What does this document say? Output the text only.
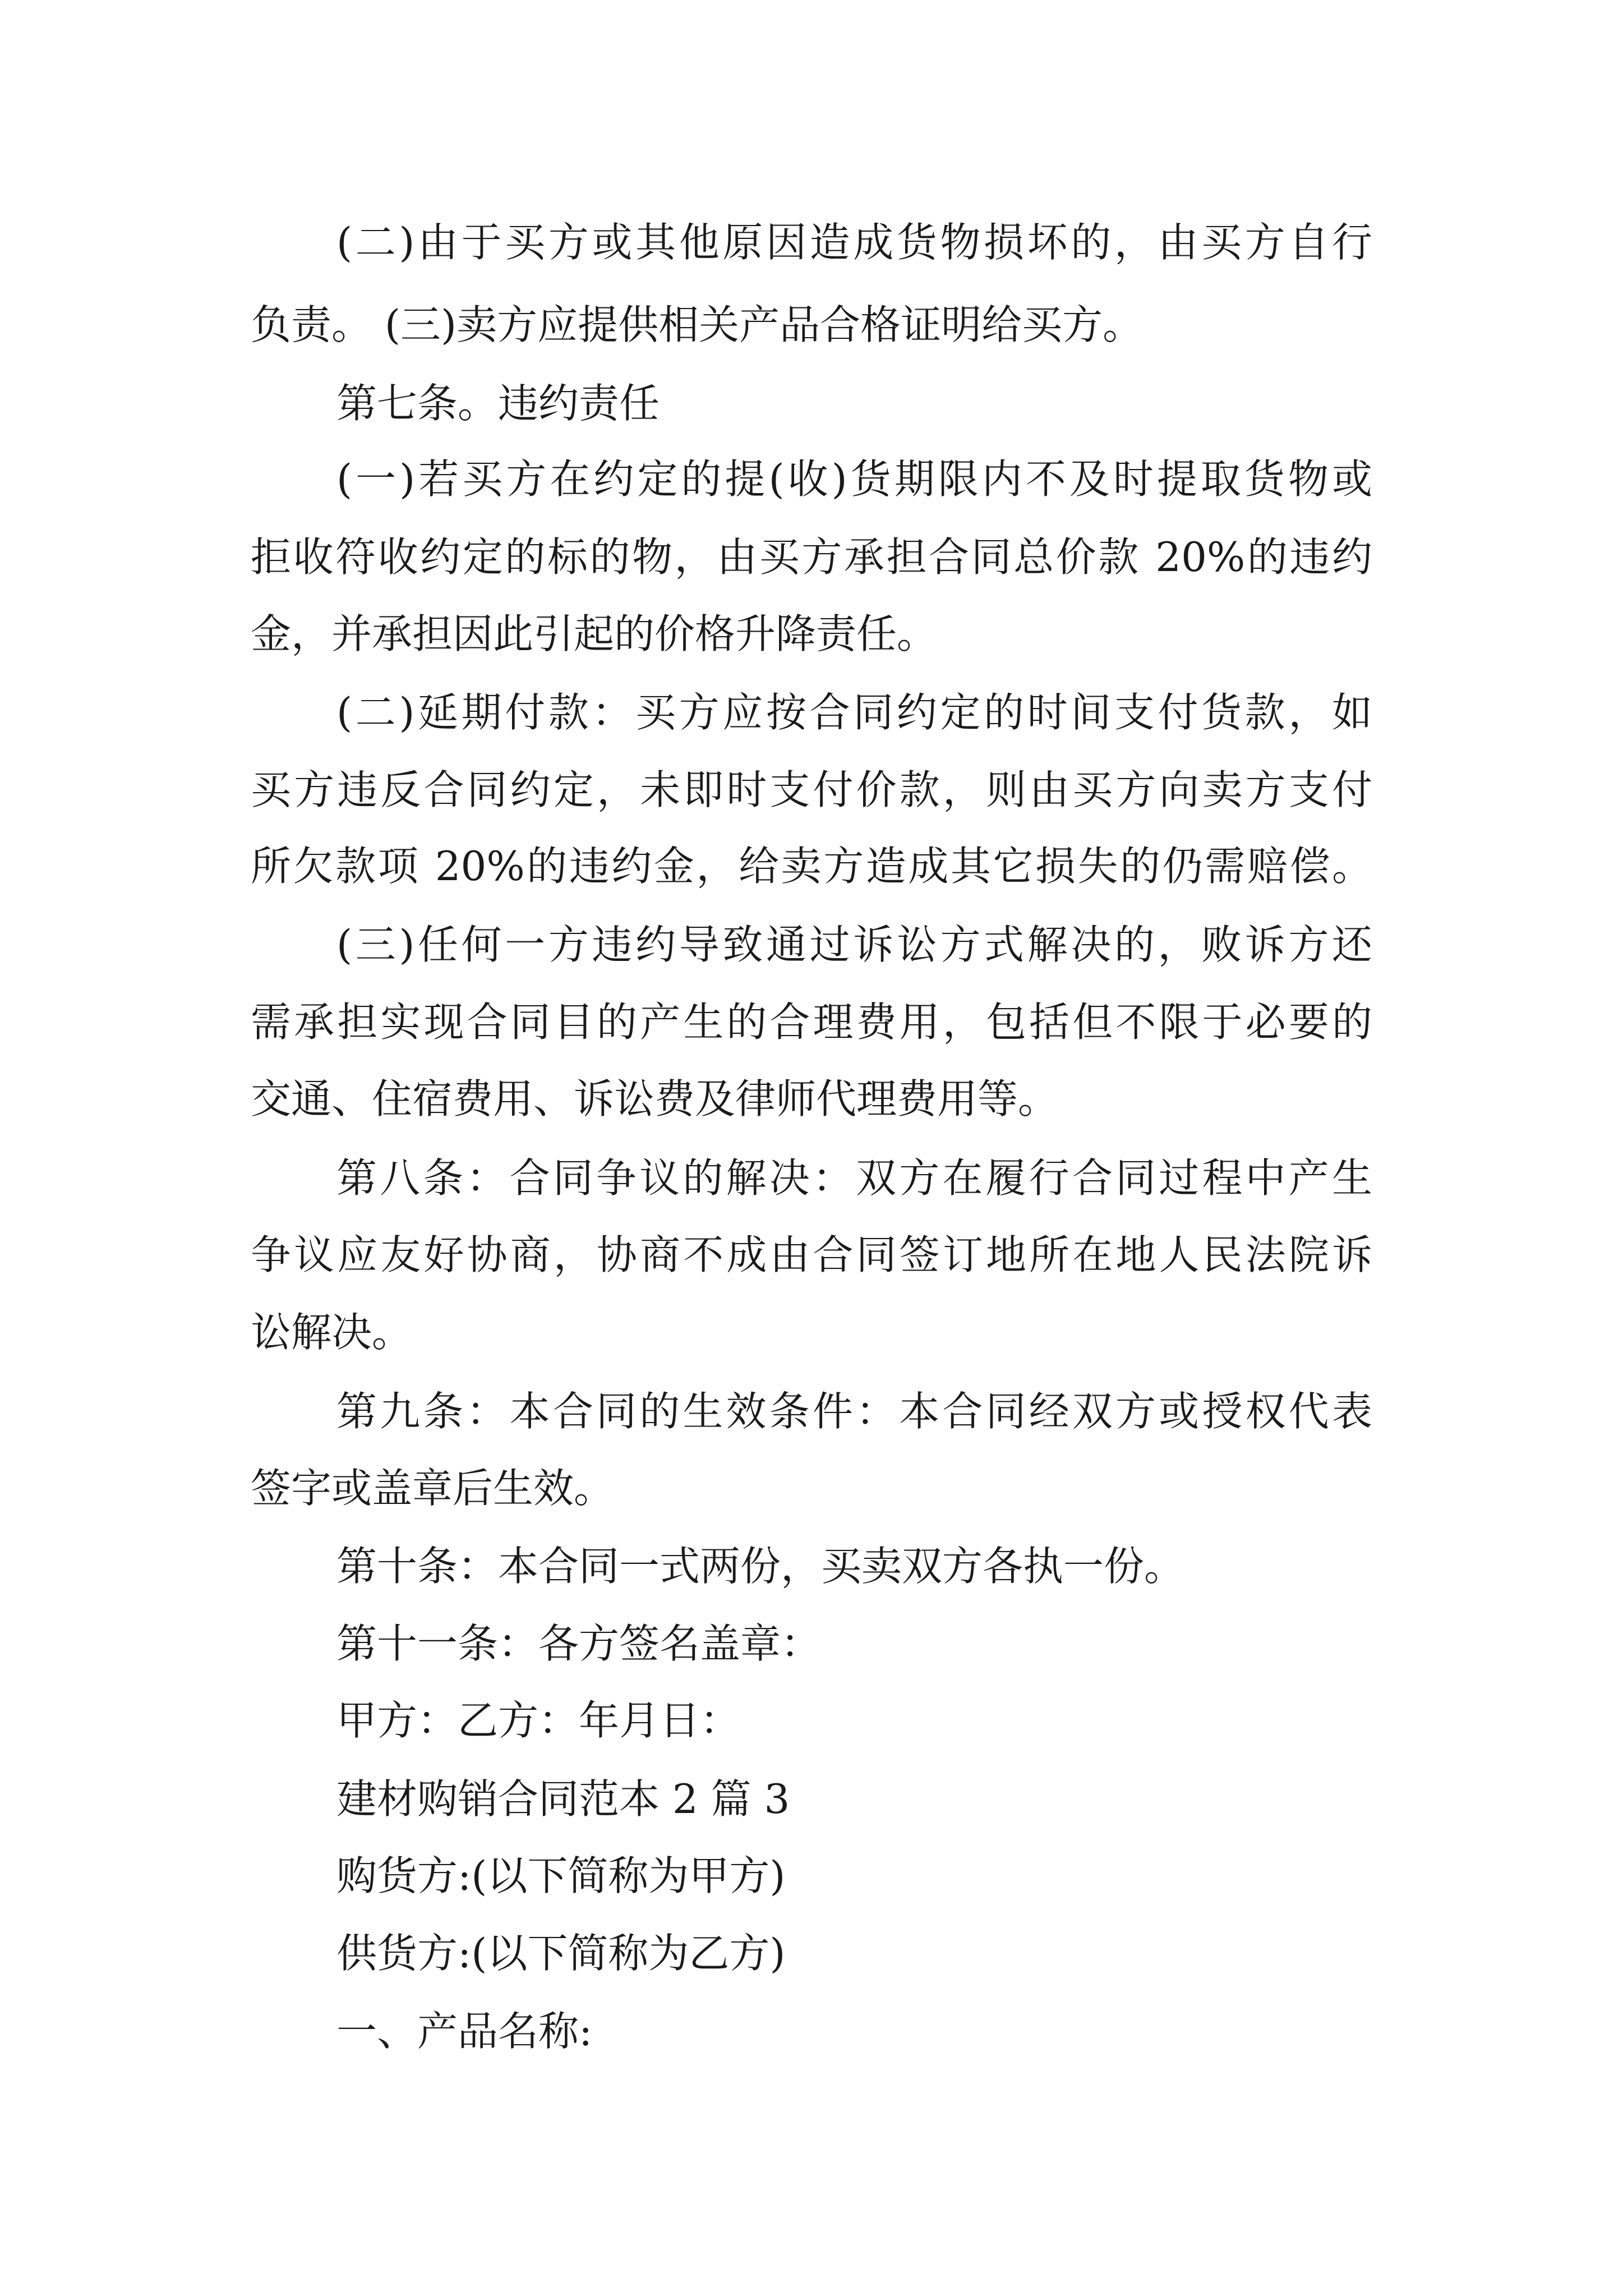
(二)由于买方或其他原因造成货物损坏的，由买方自行

负责。 (三)卖方应提供相关产品合格证明给买方。

第七条。违约责任

(一)若买方在约定的提(收)货期限内不及时提取货物或

拒收符收约定的标的物，由买方承担合同总价款 20%的违约

金，并承担因此引起的价格升降责任。

(二)延期付款：买方应按合同约定的时间支付货款，如

买方违反合同约定，未即时支付价款，则由买方向卖方支付

所欠款项 20%的违约金，给卖方造成其它损失的仍需赔偿。

(三)任何一方违约导致通过诉讼方式解决的，败诉方还

需承担实现合同目的产生的合理费用，包括但不限于必要的

交通、住宿费用、诉讼费及律师代理费用等。

第八条：合同争议的解决：双方在履行合同过程中产生

争议应友好协商，协商不成由合同签订地所在地人民法院诉

讼解决。

第九条：本合同的生效条件：本合同经双方或授权代表

签字或盖章后生效。

第十条：本合同一式两份，买卖双方各执一份。

第十一条：各方签名盖章：

甲方：乙方：年月日：

建材购销合同范本 2 篇 3

购货方:(以下简称为甲方)

供货方:(以下简称为乙方)

一、产品名称:
